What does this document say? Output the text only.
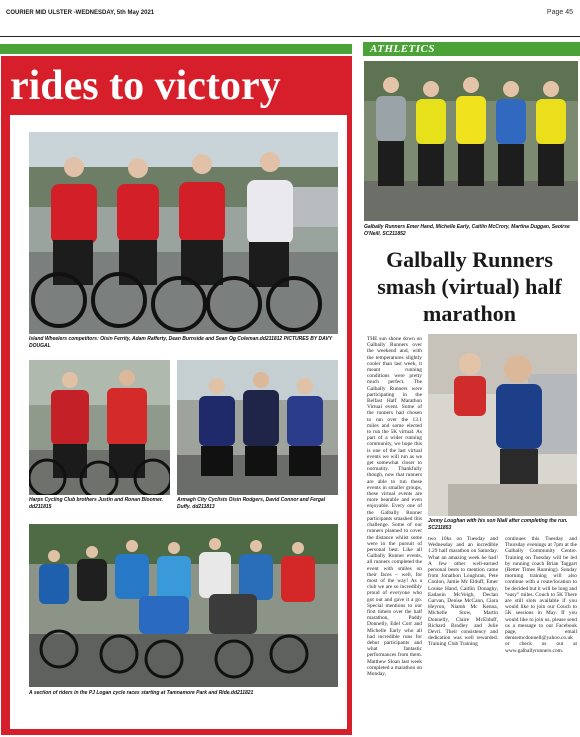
COURIER MID ULSTER -WEDNESDAY, 5th May 2021	Page 45
ATHLETICS
rides to victory
Island Wheelers competitors: Oisin Ferrity, Adam Rafferty, Dean Burnside and Sean Og Coleman.dd211812 PICTURES BY DAVY DOUGAL
Harps Cycling Club brothers Justin and Ronan Bloomer. dd211815
Armagh City Cyclists Oisin Rodgers, David Connor and Fergal Duffy. dd211813
A section of riders in the PJ Logan cycle races starting at Tamnamore Park and Ride.dd211821
Galbally Runners Emer Hand, Michelle Early, Caitlin McCrory, Martina Duggan, Seoirse O'Neill. SC211852
Galbally Runners smash (virtual) half marathon
Jonny Loughan with his son Niall after completing the run. SC211853

THE sun shone down on Galbally Runners over the weekend and, with the temperatures slightly cooler than last week, it meant running conditions were pretty much perfect. The Galbally Runners were participating in the Belfast Half Marathon Virtual event. Some of the runners had chosen to run over the 13.1 miles and some elected to run the 5K virtual. As part of a wider running community, we hope this is one of the last virtual events we will run as we get somewhat closer to normality. Thankfully though, now that runners are able to run these events in smaller groups, these virtual events are more bearable and even enjoyable. Every one of the Galbally Runner participants smashed this challenge. Some of our runners planned to cover the distance whilst some were in the pursuit of personal best. Like all Galbally Runner events, all runners completed the event with smiles on their faces – well, for most of the way! As a club we are so incredibly proud of everyone who got out and gave it a go. Special mentions to our first timers over the half marathon, Paddy Donnelly, Edel Corr and Michelle Early who all had incredible runs for debut participants and what fantastic performances from them. Matthew Sloan last week completed a marathon on Monday,

two 10ks on Tuesday and Wednesday and an incredible 1.29 half marathon on Saturday. What an amazing week he had! A few other well-earned personal bests to mention came from Jonathon Loughran, Pete Conlon, Jamie Mc Elduff, Emer Louise Hand, Caitlin Donaghy, Eadaoin McVeigh, Declan Garvan, Denise McCann, Ciara Heyron, Niamh Mc Kenna, Michelle Stow, Martin Donnelly, Claire McElduff, Richard Bradley and Julie Devri. Their consistency and dedication was well rewarded. Training Club Training

continues this Tuesday and Thursday evenings at 7pm at the Galbally Community Centre. Training on Tuesday will be led by running coach Brian Taggart (Better Times Running). Sunday morning training will also continue with a route/location to be decided but it will be long and “easy” miles. Couch to 5K There are still slots available if you would like to join our Couch to 5K sessions in May. If you would like to join us, please send us a message to our Facebook page, email denisemcdonnell@yahoo.co.uk or check us out at www.galballyrunners.com.
